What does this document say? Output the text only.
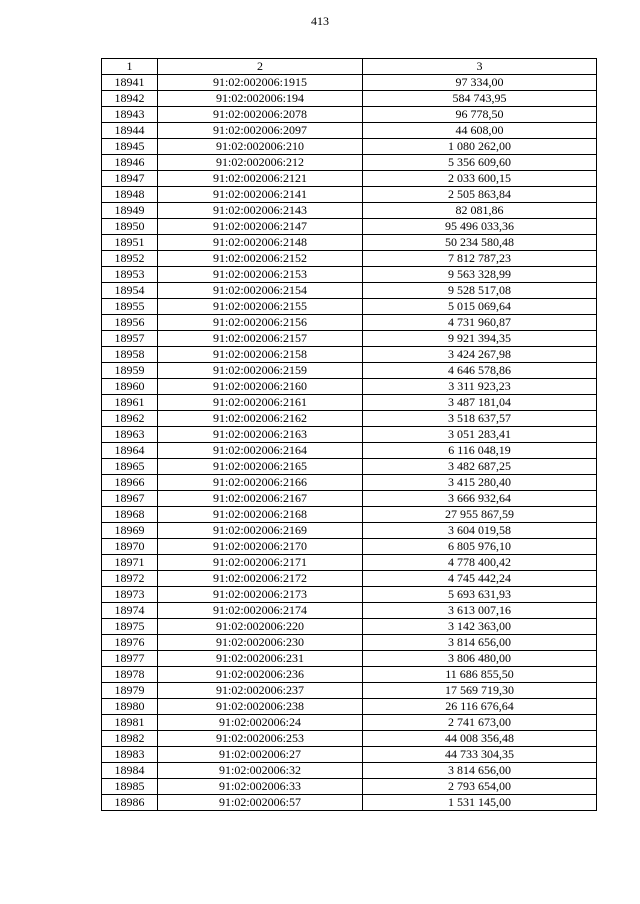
413
1	2	3
18941	91:02:002006:1915	97 334,00
18942	91:02:002006:194	584 743,95
18943	91:02:002006:2078	96 778,50
18944	91:02:002006:2097	44 608,00
18945	91:02:002006:210	1 080 262,00
18946	91:02:002006:212	5 356 609,60
18947	91:02:002006:2121	2 033 600,15
18948	91:02:002006:2141	2 505 863,84
18949	91:02:002006:2143	82 081,86
18950	91:02:002006:2147	95 496 033,36
18951	91:02:002006:2148	50 234 580,48
18952	91:02:002006:2152	7 812 787,23
18953	91:02:002006:2153	9 563 328,99
18954	91:02:002006:2154	9 528 517,08
18955	91:02:002006:2155	5 015 069,64
18956	91:02:002006:2156	4 731 960,87
18957	91:02:002006:2157	9 921 394,35
18958	91:02:002006:2158	3 424 267,98
18959	91:02:002006:2159	4 646 578,86
18960	91:02:002006:2160	3 311 923,23
18961	91:02:002006:2161	3 487 181,04
18962	91:02:002006:2162	3 518 637,57
18963	91:02:002006:2163	3 051 283,41
18964	91:02:002006:2164	6 116 048,19
18965	91:02:002006:2165	3 482 687,25
18966	91:02:002006:2166	3 415 280,40
18967	91:02:002006:2167	3 666 932,64
18968	91:02:002006:2168	27 955 867,59
18969	91:02:002006:2169	3 604 019,58
18970	91:02:002006:2170	6 805 976,10
18971	91:02:002006:2171	4 778 400,42
18972	91:02:002006:2172	4 745 442,24
18973	91:02:002006:2173	5 693 631,93
18974	91:02:002006:2174	3 613 007,16
18975	91:02:002006:220	3 142 363,00
18976	91:02:002006:230	3 814 656,00
18977	91:02:002006:231	3 806 480,00
18978	91:02:002006:236	11 686 855,50
18979	91:02:002006:237	17 569 719,30
18980	91:02:002006:238	26 116 676,64
18981	91:02:002006:24	2 741 673,00
18982	91:02:002006:253	44 008 356,48
18983	91:02:002006:27	44 733 304,35
18984	91:02:002006:32	3 814 656,00
18985	91:02:002006:33	2 793 654,00
18986	91:02:002006:57	1 531 145,00
